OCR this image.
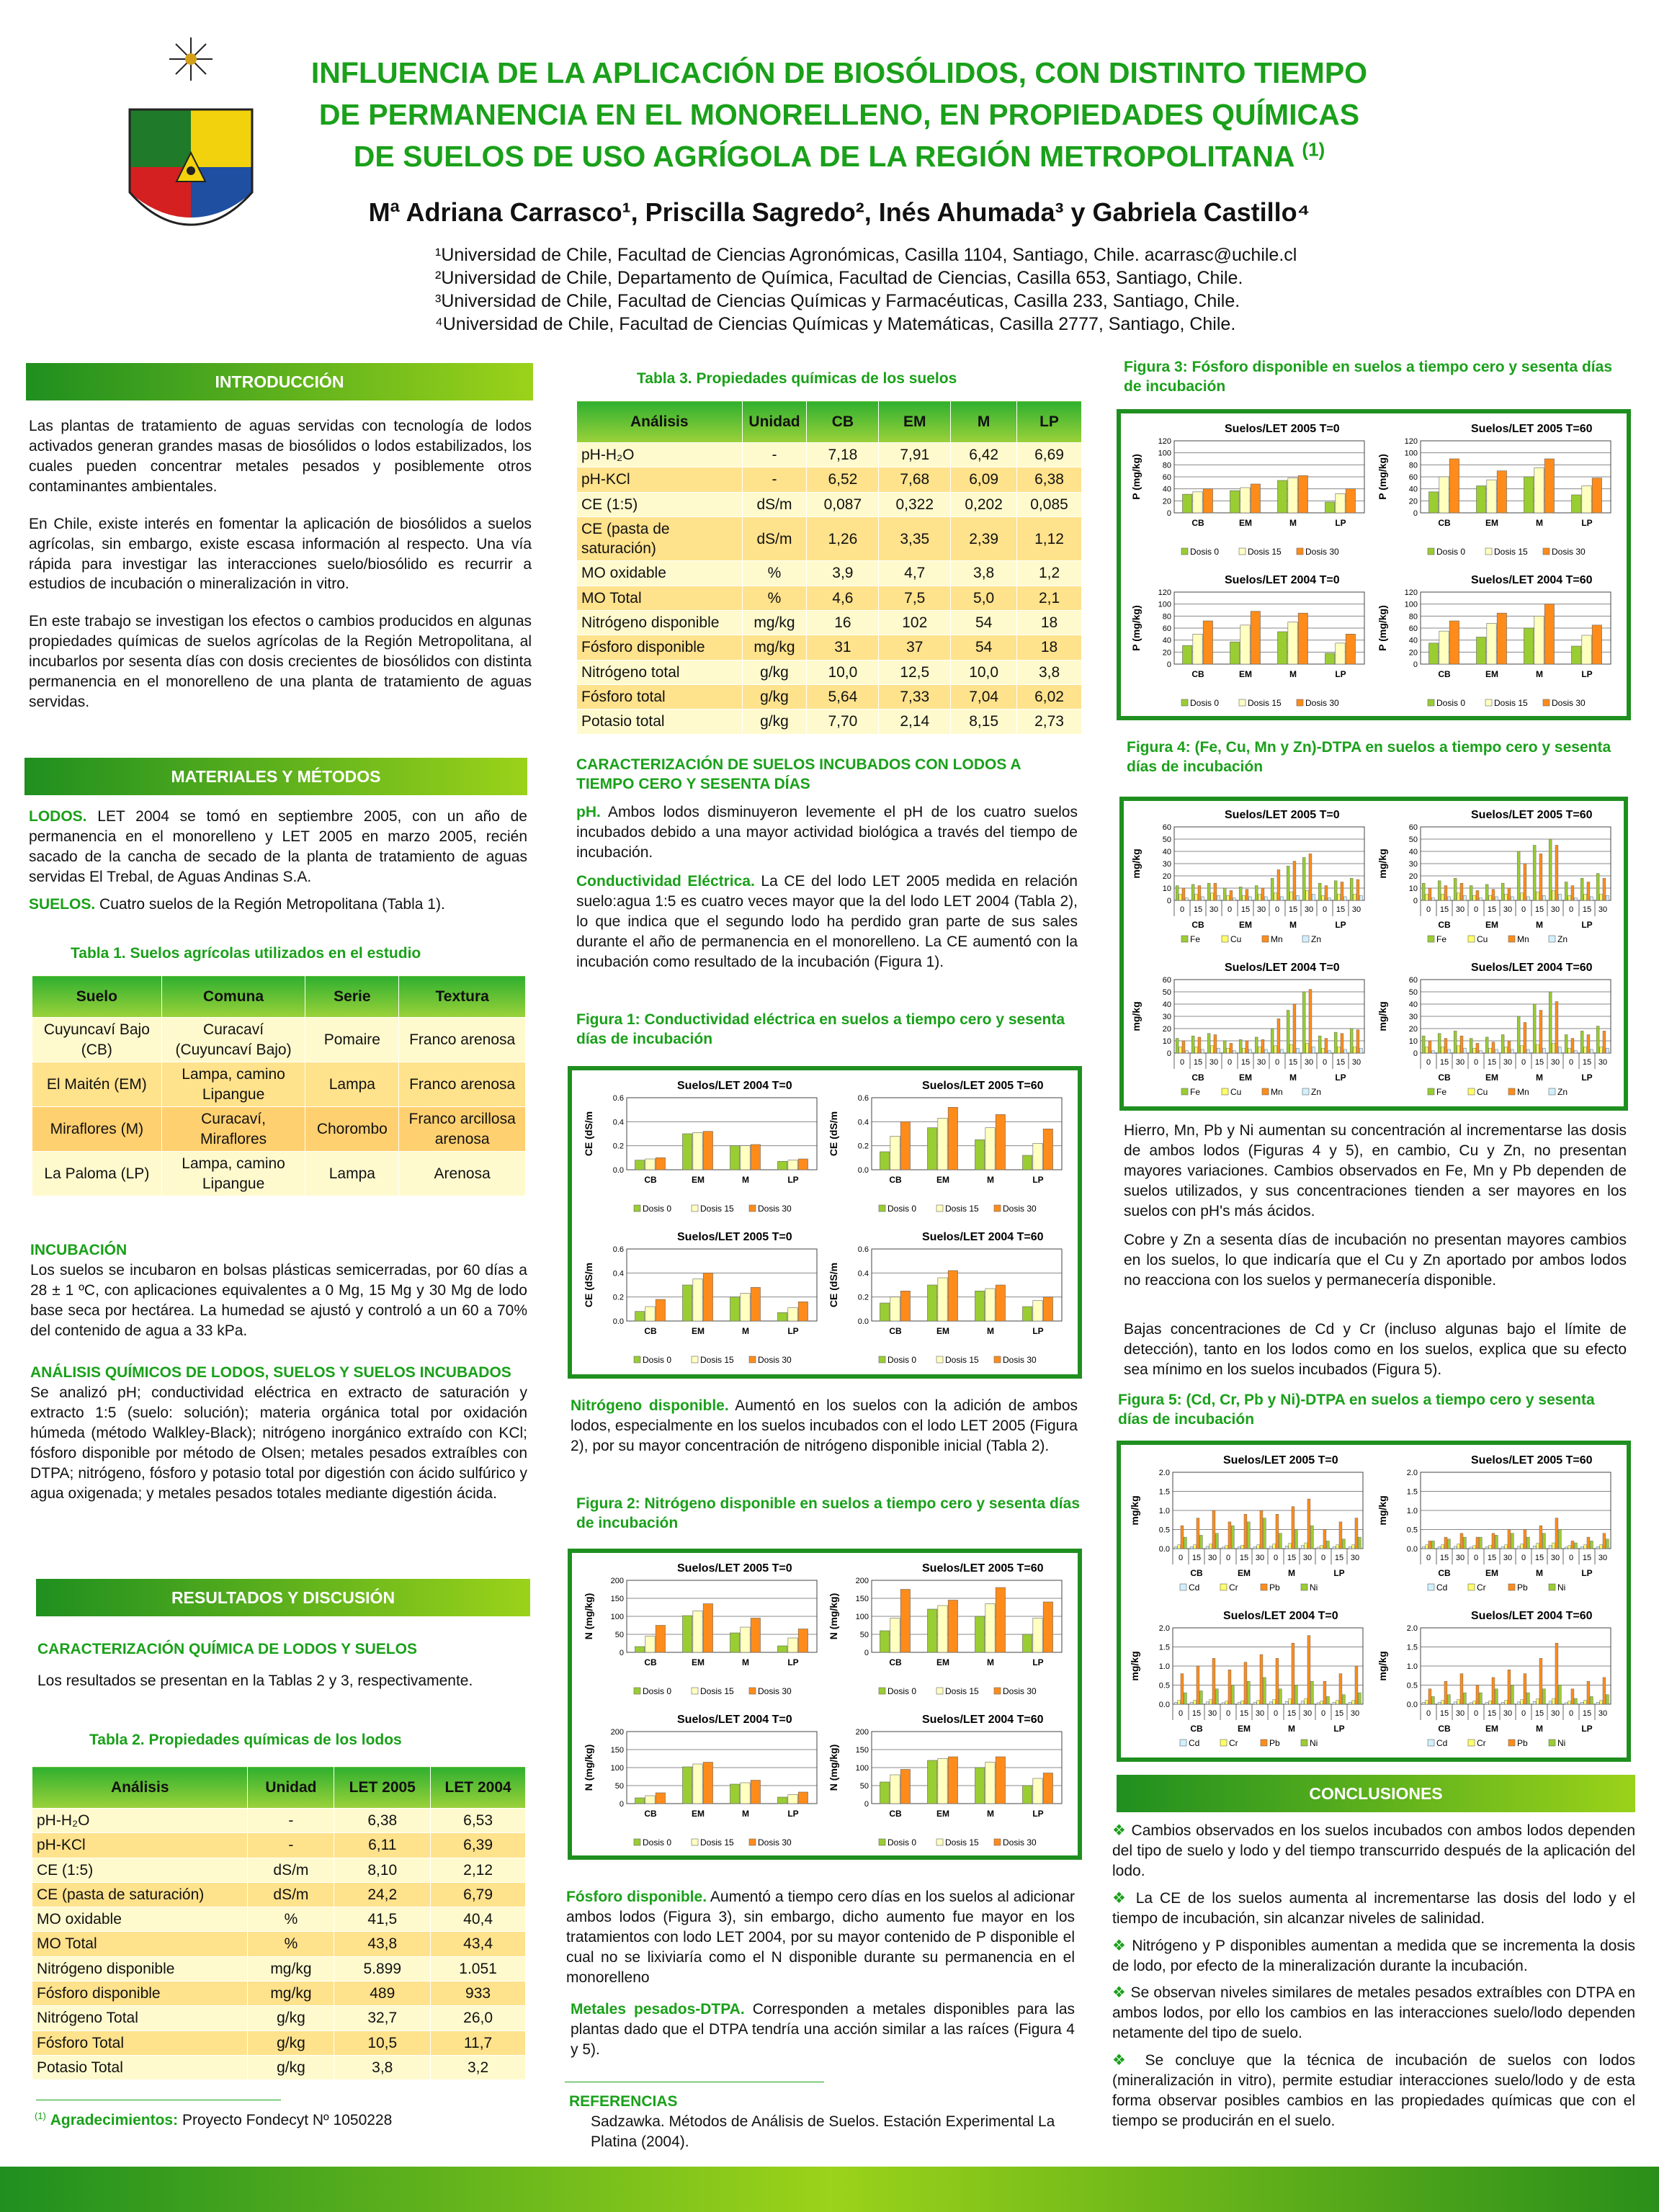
INFLUENCIA DE LA APLICACIÓN DE BIOSÓLIDOS, CON DISTINTO TIEMPO DE PERMANENCIA EN EL MONORELLENO, EN PROPIEDADES QUÍMICAS DE SUELOS DE USO AGRÍGOLA DE LA REGIÓN METROPOLITANA $^{(1)}$
Mª Adriana Carrasco¹, Priscilla Sagredo², Inés Ahumada³ y Gabriela Castillo⁴
¹Universidad de Chile, Facultad de Ciencias Agronómicas, Casilla 1104, Santiago, Chile. acarrasc@uchile.cl
²Universidad de Chile, Departamento de Química, Facultad de Ciencias, Casilla 653, Santiago, Chile.
³Universidad de Chile, Facultad de Ciencias Químicas y Farmacéuticas, Casilla 233, Santiago, Chile.
⁴Universidad de Chile, Facultad de Ciencias Químicas y Matemáticas, Casilla 2777, Santiago, Chile.
INTRODUCCIÓN

Las plantas de tratamiento de aguas servidas con tecnología de lodos activados generan grandes masas de biosólidos o lodos estabilizados, los cuales pueden concentrar metales pesados y posiblemente otros contaminantes ambientales.

En Chile, existe interés en fomentar la aplicación de biosólidos a suelos agrícolas, sin embargo, existe escasa información al respecto. Una vía rápida para investigar las interacciones suelo/biosólido es recurrir a estudios de incubación o mineralización in vitro.

En este trabajo se investigan los efectos o cambios producidos en algunas propiedades químicas de suelos agrícolas de la Región Metropolitana, al incubarlos por sesenta días con dosis crecientes de biosólidos con distinta permanencia en el monorelleno de una planta de tratamiento de aguas servidas.

MATERIALES Y MÉTODOS
LODOS. LET 2004 se tomó en septiembre 2005, con un año de permanencia en el monorelleno y LET 2005 en marzo 2005, recién sacado de la cancha de secado de la planta de tratamiento de aguas servidas El Trebal, de Aguas Andinas S.A.
SUELOS. Cuatro suelos de la Región Metropolitana (Tabla 1).
Tabla 1. Suelos agrícolas utilizados en el estudio
Suelo	Comuna	Serie	Textura
Cuyuncaví Bajo (CB)	Curacaví (Cuyuncaví Bajo)	Pomaire	Franco arenosa
El Maitén (EM)	Lampa, camino Lipangue	Lampa	Franco arenosa
Miraflores (M)	Curacaví, Miraflores	Chorombo	Franco arcillosa arenosa
La Paloma (LP)	Lampa, camino Lipangue	Lampa	Arenosa
INCUBACIÓN
Los suelos se incubaron en bolsas plásticas semicerradas, por 60 días a 28 ± 1 ºC, con aplicaciones equivalentes a 0 Mg, 15 Mg y 30 Mg de lodo base seca por hectárea. La humedad se ajustó y controló a un 60 a 70% del contenido de agua a 33 kPa.
ANÁLISIS QUÍMICOS DE LODOS, SUELOS Y SUELOS INCUBADOS
Se analizó pH; conductividad eléctrica en extracto de saturación y extracto 1:5 (suelo: solución); materia orgánica total por oxidación húmeda (método Walkley-Black); nitrógeno inorgánico extraído con KCl; fósforo disponible por método de Olsen; metales pesados extraíbles con DTPA; nitrógeno, fósforo y potasio total por digestión con ácido sulfúrico y agua oxigenada; y metales pesados totales mediante digestión ácida.
RESULTADOS Y DISCUSIÓN
CARACTERIZACIÓN QUÍMICA DE LODOS Y SUELOS
Los resultados se presentan en la Tablas 2 y 3, respectivamente.
Tabla 2. Propiedades químicas de los lodos
Análisis	Unidad	LET 2005	LET 2004
pH-H₂O	-	6,38	6,53
pH-KCl	-	6,11	6,39
CE (1:5)	dS/m	8,10	2,12
CE (pasta de saturación)	dS/m	24,2	6,79
MO oxidable	%	41,5	40,4
MO Total	%	43,8	43,4
Nitrógeno disponible	mg/kg	5.899	1.051
Fósforo disponible	mg/kg	489	933
Nitrógeno Total	g/kg	32,7	26,0
Fósforo Total	g/kg	10,5	11,7
Potasio Total	g/kg	3,8	3,2
$^{(1)}$ Agradecimientos: Proyecto Fondecyt Nº 1050228
Tabla 3. Propiedades químicas de los suelos
Análisis	Unidad	CB	EM	M	LP
pH-H₂O	-	7,18	7,91	6,42	6,69
pH-KCl	-	6,52	7,68	6,09	6,38
CE (1:5)	dS/m	0,087	0,322	0,202	0,085
CE (pasta de saturación)	dS/m	1,26	3,35	2,39	1,12
MO oxidable	%	3,9	4,7	3,8	1,2
MO Total	%	4,6	7,5	5,0	2,1
Nitrógeno disponible	mg/kg	16	102	54	18
Fósforo disponible	mg/kg	31	37	54	18
Nitrógeno total	g/kg	10,0	12,5	10,0	3,8
Fósforo total	g/kg	5,64	7,33	7,04	6,02
Potasio total	g/kg	7,70	2,14	8,15	2,73
CARACTERIZACIÓN DE SUELOS INCUBADOS CON LODOS A TIEMPO CERO Y SESENTA DÍAS
pH. Ambos lodos disminuyeron levemente el pH de los cuatro suelos incubados debido a una mayor actividad biológica a través del tiempo de incubación.
Conductividad Eléctrica. La CE del lodo LET 2005 medida en relación suelo:agua 1:5 es cuatro veces mayor que la del lodo LET 2004 (Tabla 2), lo que indica que el segundo lodo ha perdido gran parte de sus sales durante el año de permanencia en el monorelleno. La CE aumentó con la incubación como resultado de la incubación (Figura 1).
Figura 1: Conductividad eléctrica en suelos a tiempo cero y sesenta días de incubación
Suelos/LET 2004 T=0
CE (dS/m
0.0
0.2
0.4
0.6
CB	EM	M	LP
Dosis 0	Dosis 15	Dosis 30
Suelos/LET 2005 T=60
CE (dS/m
0.0
0.2
0.4
0.6
CB	EM	M	LP
Dosis 0	Dosis 15	Dosis 30
Suelos/LET 2005 T=0
CE (dS/m
0.0
0.2
0.4
0.6
CB	EM	M	LP
Dosis 0	Dosis 15	Dosis 30
Suelos/LET 2004 T=60
CE (dS/m
0.0
0.2
0.4
0.6
CB	EM	M	LP
Dosis 0	Dosis 15	Dosis 30
Nitrógeno disponible. Aumentó en los suelos con la adición de ambos lodos, especialmente en los suelos incubados con el lodo LET 2005 (Figura 2), por su mayor concentración de nitrógeno disponible inicial (Tabla 2).
Figura 2: Nitrógeno disponible en suelos a tiempo cero y sesenta días de incubación
Suelos/LET 2005 T=0
N (mg/kg)
0
50
100
150
200
CB	EM	M	LP
Dosis 0	Dosis 15	Dosis 30
Suelos/LET 2005 T=60
N (mg/kg)
0
50
100
150
200
CB	EM	M	LP
Dosis 0	Dosis 15	Dosis 30
Suelos/LET 2004 T=0
N (mg/kg)
0
50
100
150
200
CB	EM	M	LP
Dosis 0	Dosis 15	Dosis 30
Suelos/LET 2004 T=60
N (mg/kg)
0
50
100
150
200
CB	EM	M	LP
Dosis 0	Dosis 15	Dosis 30
Fósforo disponible. Aumentó a tiempo cero días en los suelos al adicionar ambos lodos (Figura 3), sin embargo, dicho aumento fue mayor en los tratamientos con lodo LET 2004, por su mayor contenido de P disponible el cual no se lixiviaría como el N disponible durante su permanencia en el monorelleno
Metales pesados-DTPA. Corresponden a metales disponibles para las plantas dado que el DTPA tendría una acción similar a las raíces (Figura 4 y 5).
REFERENCIAS
Sadzawka. Métodos de Análisis de Suelos. Estación Experimental La Platina (2004).
Figura 3: Fósforo disponible en suelos a tiempo cero y sesenta días de incubación
Suelos/LET 2005 T=0
P (mg/kg)
0
20
40
60
80
100
120
CB	EM	M	LP
Dosis 0	Dosis 15	Dosis 30
Suelos/LET 2005 T=60
P (mg/kg)
0
20
40
60
80
100
120
CB	EM	M	LP
Dosis 0	Dosis 15	Dosis 30
Suelos/LET 2004 T=0
P (mg/kg)
0
20
40
60
80
100
120
CB	EM	M	LP
Dosis 0	Dosis 15	Dosis 30
Suelos/LET 2004 T=60
P (mg/kg)
0
20
40
60
80
100
120
CB	EM	M	LP
Dosis 0	Dosis 15	Dosis 30
Figura 4: (Fe, Cu, Mn y Zn)-DTPA en suelos a tiempo cero y sesenta días de incubación
Suelos/LET 2005 T=0
mg/kg
0
10
20
30
40
50
60
0 15 30 0 15 30 0 15 30 0 15 30
CB	EM	M	LP
Fe	Cu	Mn	Zn
Suelos/LET 2005 T=60
mg/kg
0
10
20
30
40
50
60
0 15 30 0 15 30 0 15 30 0 15 30
CB	EM	M	LP
Fe	Cu	Mn	Zn
Suelos/LET 2004 T=0
mg/kg
0
10
20
30
40
50
60
0 15 30 0 15 30 0 15 30 0 15 30
CB	EM	M	LP
Fe	Cu	Mn	Zn
Suelos/LET 2004 T=60
mg/kg
0
10
20
30
40
50
60
0 15 30 0 15 30 0 15 30 0 15 30
CB	EM	M	LP
Fe	Cu	Mn	Zn
Hierro, Mn, Pb y Ni aumentan su concentración al incrementarse las dosis de ambos lodos (Figuras 4 y 5), en cambio, Cu y Zn, no presentan mayores variaciones. Cambios observados en Fe, Mn y Pb dependen de suelos utilizados, y sus concentraciones tienden a ser mayores en los suelos con pH's más ácidos.
Cobre y Zn a sesenta días de incubación no presentan mayores cambios en los suelos, lo que indicaría que el Cu y Zn aportado por ambos lodos no reacciona con los suelos y permanecería disponible.
Bajas concentraciones de Cd y Cr (incluso algunas bajo el límite de detección), tanto en los lodos como en los suelos, explica que su efecto sea mínimo en los suelos incubados (Figura 5).
Figura 5: (Cd, Cr, Pb y Ni)-DTPA en suelos a tiempo cero y sesenta días de incubación
Suelos/LET 2005 T=0
mg/kg
0.0
0.5
1.0
1.5
2.0
0 15 30 0 15 30 0 15 30 0 15 30
CB	EM	M	LP
Cd	Cr	Pb	Ni
Suelos/LET 2005 T=60
mg/kg
0.0
0.5
1.0
1.5
2.0
0 15 30 0 15 30 0 15 30 0 15 30
CB	EM	M	LP
Cd	Cr	Pb	Ni
Suelos/LET 2004 T=0
mg/kg
0.0
0.5
1.0
1.5
2.0
0 15 30 0 15 30 0 15 30 0 15 30
CB	EM	M	LP
Cd	Cr	Pb	Ni
Suelos/LET 2004 T=60
mg/kg
0.0
0.5
1.0
1.5
2.0
0 15 30 0 15 30 0 15 30 0 15 30
CB	EM	M	LP
Cd	Cr	Pb	Ni
CONCLUSIONES
❖ Cambios observados en los suelos incubados con ambos lodos dependen del tipo de suelo y lodo y del tiempo transcurrido después de la aplicación del lodo.
❖ La CE de los suelos aumenta al incrementarse las dosis del lodo y el tiempo de incubación, sin alcanzar niveles de salinidad.
❖ Nitrógeno y P disponibles aumentan a medida que se incrementa la dosis de lodo, por efecto de la mineralización durante la incubación.
❖ Se observan niveles similares de metales pesados extraíbles con DTPA en ambos lodos, por ello los cambios en las interacciones suelo/lodo dependen netamente del tipo de suelo.
❖ Se concluye que la técnica de incubación de suelos con lodos (mineralización in vitro), permite estudiar interacciones suelo/lodo y de esta forma observar posibles cambios en las propiedades químicas que con el tiempo se producirán en el suelo.
